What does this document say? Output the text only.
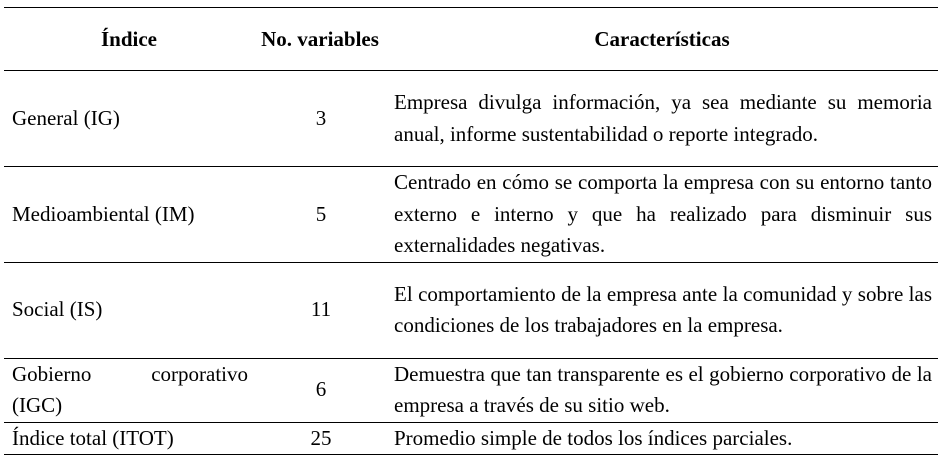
Índice	No. variables	Características
General (IG)	3	Empresa divulga información, ya sea mediante su memoria anual, informe sustentabilidad o reporte integrado.
Medioambiental (IM)	5	Centrado en cómo se comporta la empresa con su entorno tanto externo e interno y que ha realizado para disminuir sus externalidades negativas.
Social (IS)	11	El comportamiento de la empresa ante la comunidad y sobre las condiciones de los trabajadores en la empresa.
Gobierno corporativo (IGC)	6	Demuestra que tan transparente es el gobierno corporativo de la empresa a través de su sitio web.
Índice total (ITOT)	25	Promedio simple de todos los índices parciales.
